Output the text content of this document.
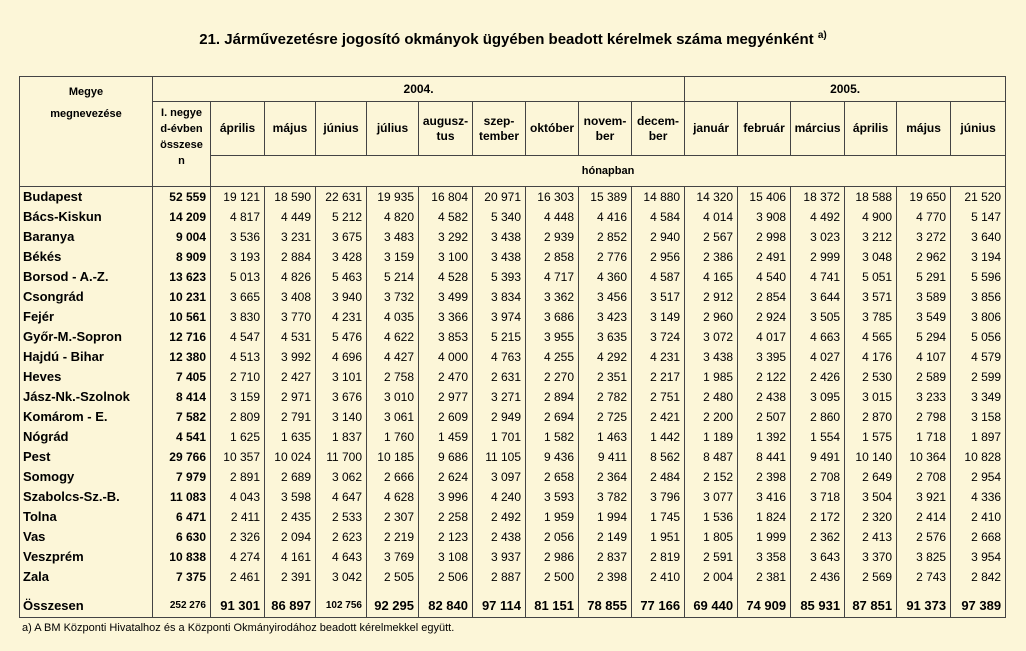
21. Járművezetésre jogosító okmányok ügyében beadott kérelmek száma megyénként $^{a)}$
Megye
megnevezése	2004.										2005.					

	I. negyed-évben összesen	április	május	június	július	augusz-tus	szep-tember	október	novem-ber	decem-ber	január	február	március	április	május	június
		hónapban														
Budapest	52 559	19 121	18 590	22 631	19 935	16 804	20 971	16 303	15 389	14 880	14 320	15 406	18 372	18 588	19 650	21 520
Bács-Kiskun	14 209	4 817	4 449	5 212	4 820	4 582	5 340	4 448	4 416	4 584	4 014	3 908	4 492	4 900	4 770	5 147
Baranya	9 004	3 536	3 231	3 675	3 483	3 292	3 438	2 939	2 852	2 940	2 567	2 998	3 023	3 212	3 272	3 640
Békés	8 909	3 193	2 884	3 428	3 159	3 100	3 438	2 858	2 776	2 956	2 386	2 491	2 999	3 048	2 962	3 194
Borsod - A.-Z.	13 623	5 013	4 826	5 463	5 214	4 528	5 393	4 717	4 360	4 587	4 165	4 540	4 741	5 051	5 291	5 596
Csongrád	10 231	3 665	3 408	3 940	3 732	3 499	3 834	3 362	3 456	3 517	2 912	2 854	3 644	3 571	3 589	3 856
Fejér	10 561	3 830	3 770	4 231	4 035	3 366	3 974	3 686	3 423	3 149	2 960	2 924	3 505	3 785	3 549	3 806
Győr-M.-Sopron	12 716	4 547	4 531	5 476	4 622	3 853	5 215	3 955	3 635	3 724	3 072	4 017	4 663	4 565	5 294	5 056
Hajdú - Bihar	12 380	4 513	3 992	4 696	4 427	4 000	4 763	4 255	4 292	4 231	3 438	3 395	4 027	4 176	4 107	4 579
Heves	7 405	2 710	2 427	3 101	2 758	2 470	2 631	2 270	2 351	2 217	1 985	2 122	2 426	2 530	2 589	2 599
Jász-Nk.-Szolnok	8 414	3 159	2 971	3 676	3 010	2 977	3 271	2 894	2 782	2 751	2 480	2 438	3 095	3 015	3 233	3 349
Komárom - E.	7 582	2 809	2 791	3 140	3 061	2 609	2 949	2 694	2 725	2 421	2 200	2 507	2 860	2 870	2 798	3 158
Nógrád	4 541	1 625	1 635	1 837	1 760	1 459	1 701	1 582	1 463	1 442	1 189	1 392	1 554	1 575	1 718	1 897
Pest	29 766	10 357	10 024	11 700	10 185	9 686	11 105	9 436	9 411	8 562	8 487	8 441	9 491	10 140	10 364	10 828
Somogy	7 979	2 891	2 689	3 062	2 666	2 624	3 097	2 658	2 364	2 484	2 152	2 398	2 708	2 649	2 708	2 954
Szabolcs-Sz.-B.	11 083	4 043	3 598	4 647	4 628	3 996	4 240	3 593	3 782	3 796	3 077	3 416	3 718	3 504	3 921	4 336
Tolna	6 471	2 411	2 435	2 533	2 307	2 258	2 492	1 959	1 994	1 745	1 536	1 824	2 172	2 320	2 414	2 410
Vas	6 630	2 326	2 094	2 623	2 219	2 123	2 438	2 056	2 149	1 951	1 805	1 999	2 362	2 413	2 576	2 668
Veszprém	10 838	4 274	4 161	4 643	3 769	3 108	3 937	2 986	2 837	2 819	2 591	3 358	3 643	3 370	3 825	3 954
Zala	7 375	2 461	2 391	3 042	2 505	2 506	2 887	2 500	2 398	2 410	2 004	2 381	2 436	2 569	2 743	2 842

Összesen	252 276	91 301	86 897	102 756	92 295	82 840	97 114	81 151	78 855	77 166	69 440	74 909	85 931	87 851	91 373	97 389
a) A BM Központi Hivatalhoz és a Központi Okmányirodához beadott kérelmekkel együtt.
